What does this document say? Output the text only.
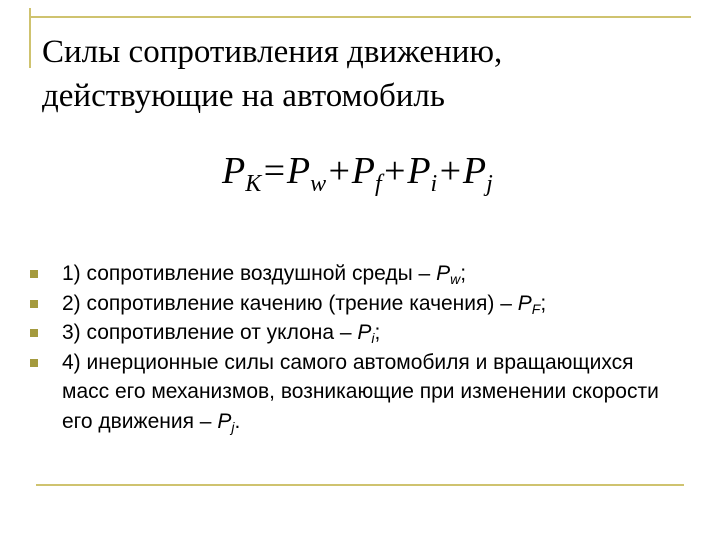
Силы сопротивления движению,
действующие на автомобиль
$P_K=P_w+P_f+P_i+P_j$
1) сопротивление воздушной среды – $P_w$;
2) сопротивление качению (трение качения) – $P_F$;
3) сопротивление от уклона – $P_i$;
4) инерционные силы самого автомобиля и вращающихся масс его механизмов, возникающие при изменении скорости его движения – $P_j$.
